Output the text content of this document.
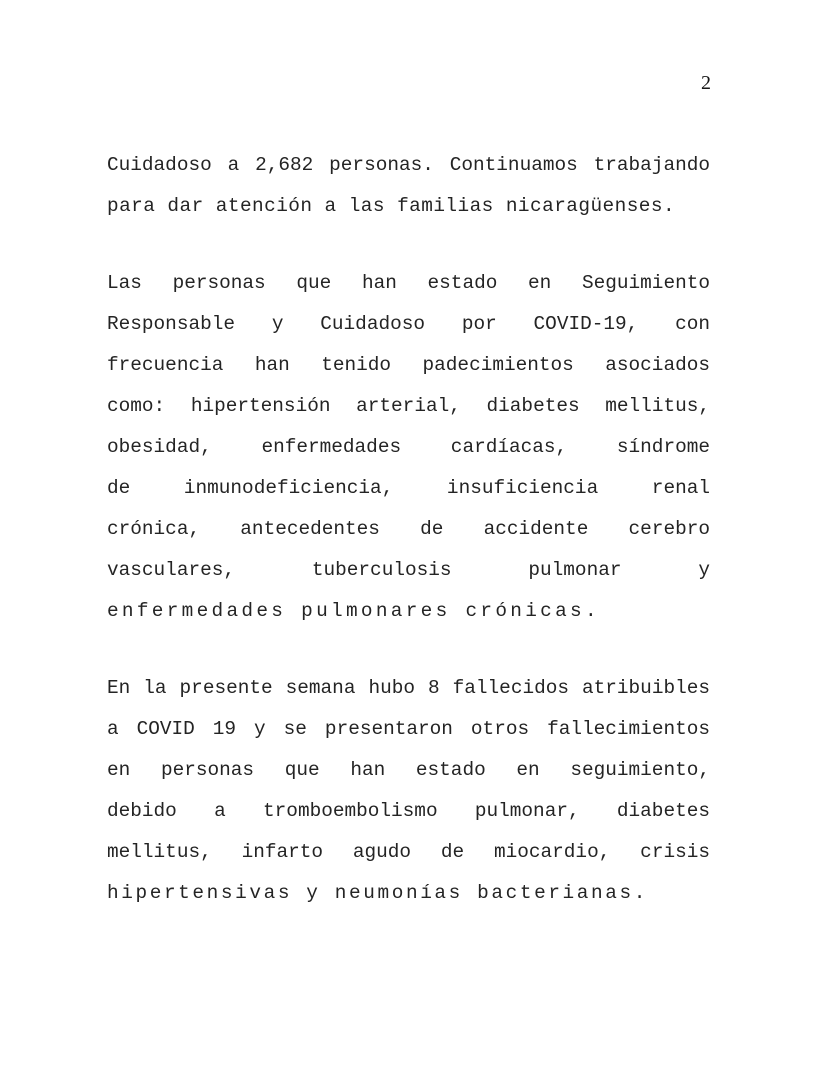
2
Cuidadoso a 2,682 personas. Continuamos trabajando
para dar atención a las familias nicaragüenses.
Las personas que han estado en Seguimiento
Responsable y Cuidadoso por COVID-19, con
frecuencia han tenido padecimientos asociados
como: hipertensión arterial, diabetes mellitus,
obesidad, enfermedades cardíacas, síndrome
de inmunodeficiencia, insuficiencia renal
crónica, antecedentes de accidente cerebro
vasculares, tuberculosis pulmonar y
enfermedades pulmonares crónicas.
En la presente semana hubo 8 fallecidos atribuibles
a COVID 19 y se presentaron otros fallecimientos
en personas que han estado en seguimiento,
debido a tromboembolismo pulmonar, diabetes
mellitus, infarto agudo de miocardio, crisis
hipertensivas y neumonías bacterianas.
